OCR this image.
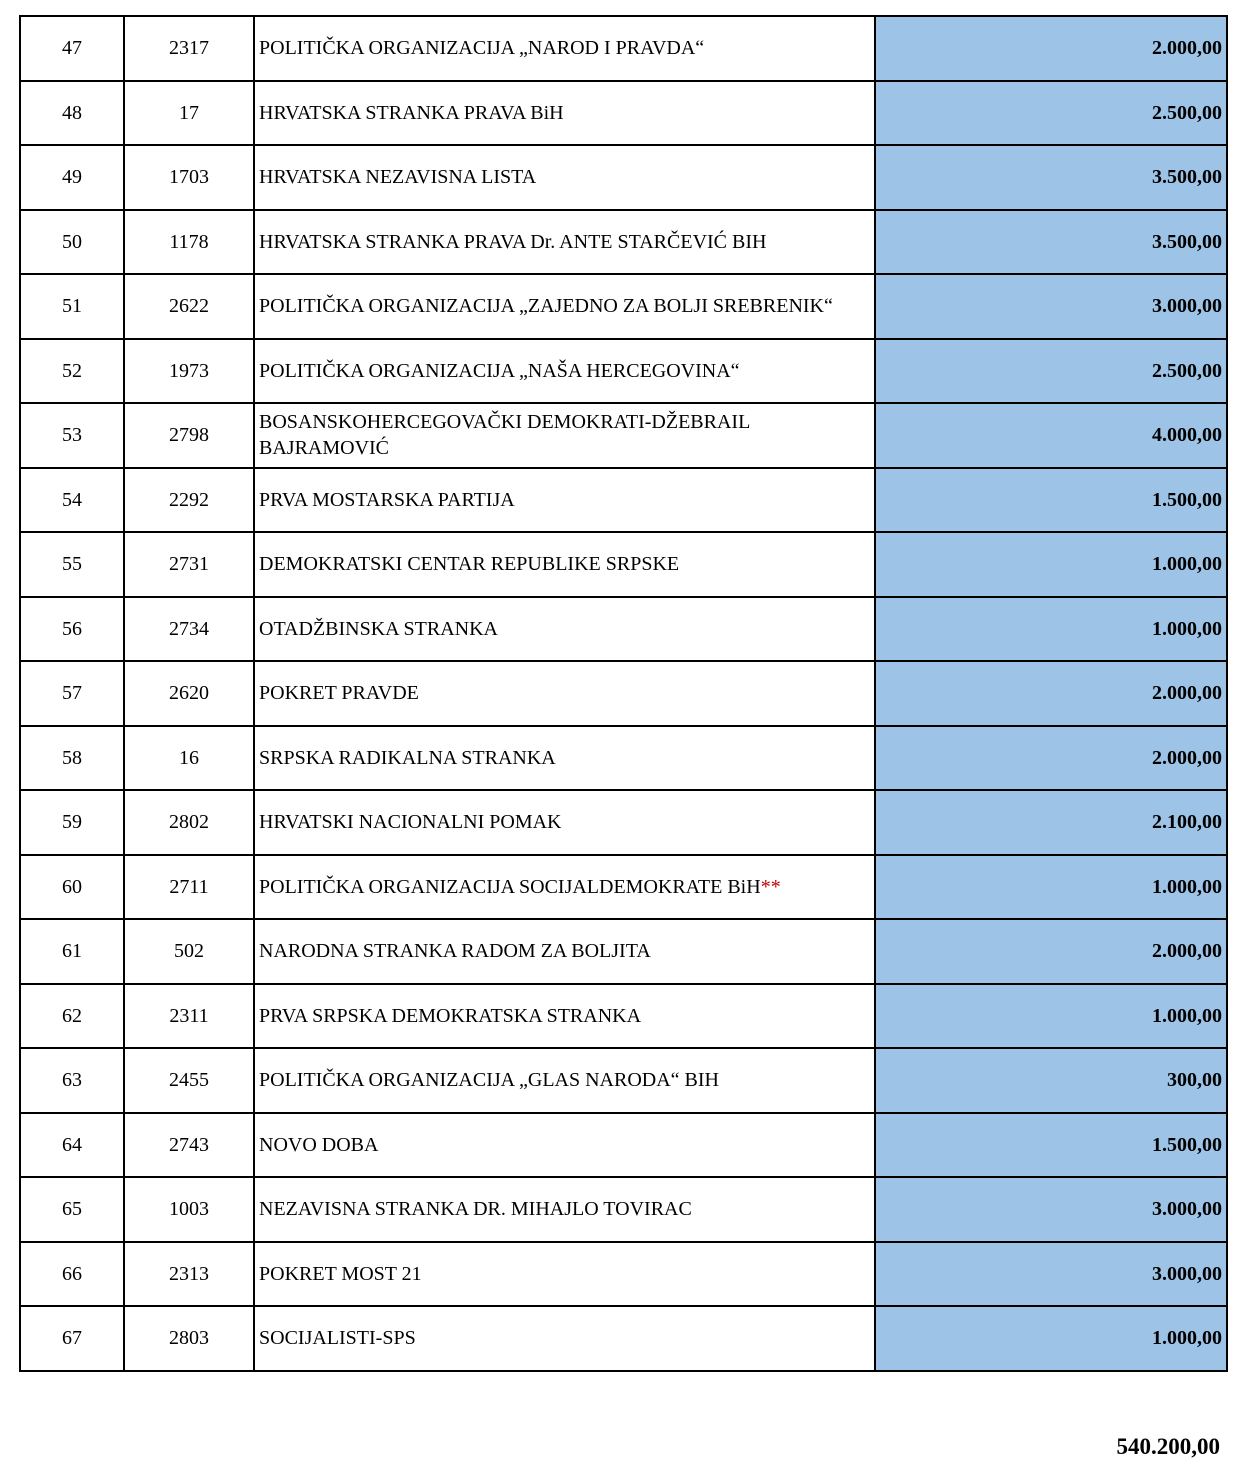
47	2317	POLITIČKA ORGANIZACIJA „NAROD I PRAVDA“	2.000,00
48	17	HRVATSKA STRANKA PRAVA BiH	2.500,00
49	1703	HRVATSKA NEZAVISNA LISTA	3.500,00
50	1178	HRVATSKA STRANKA PRAVA Dr. ANTE STARČEVIĆ BIH	3.500,00
51	2622	POLITIČKA ORGANIZACIJA „ZAJEDNO ZA BOLJI SREBRENIK“	3.000,00
52	1973	POLITIČKA ORGANIZACIJA „NAŠA HERCEGOVINA“	2.500,00
53	2798	BOSANSKOHERCEGOVAČKI DEMOKRATI-DŽEBRAIL BAJRAMOVIĆ	4.000,00
54	2292	PRVA MOSTARSKA PARTIJA	1.500,00
55	2731	DEMOKRATSKI CENTAR REPUBLIKE SRPSKE	1.000,00
56	2734	OTADŽBINSKA STRANKA	1.000,00
57	2620	POKRET PRAVDE	2.000,00
58	16	SRPSKA RADIKALNA STRANKA	2.000,00
59	2802	HRVATSKI NACIONALNI POMAK	2.100,00
60	2711	POLITIČKA ORGANIZACIJA SOCIJALDEMOKRATE BiH**	1.000,00
61	502	NARODNA STRANKA RADOM ZA BOLJITA	2.000,00
62	2311	PRVA SRPSKA DEMOKRATSKA STRANKA	1.000,00
63	2455	POLITIČKA ORGANIZACIJA „GLAS NARODA“ BIH	300,00
64	2743	NOVO DOBA	1.500,00
65	1003	NEZAVISNA STRANKA DR. MIHAJLO TOVIRAC	3.000,00
66	2313	POKRET MOST 21	3.000,00
67	2803	SOCIJALISTI-SPS	1.000,00
540.200,00
